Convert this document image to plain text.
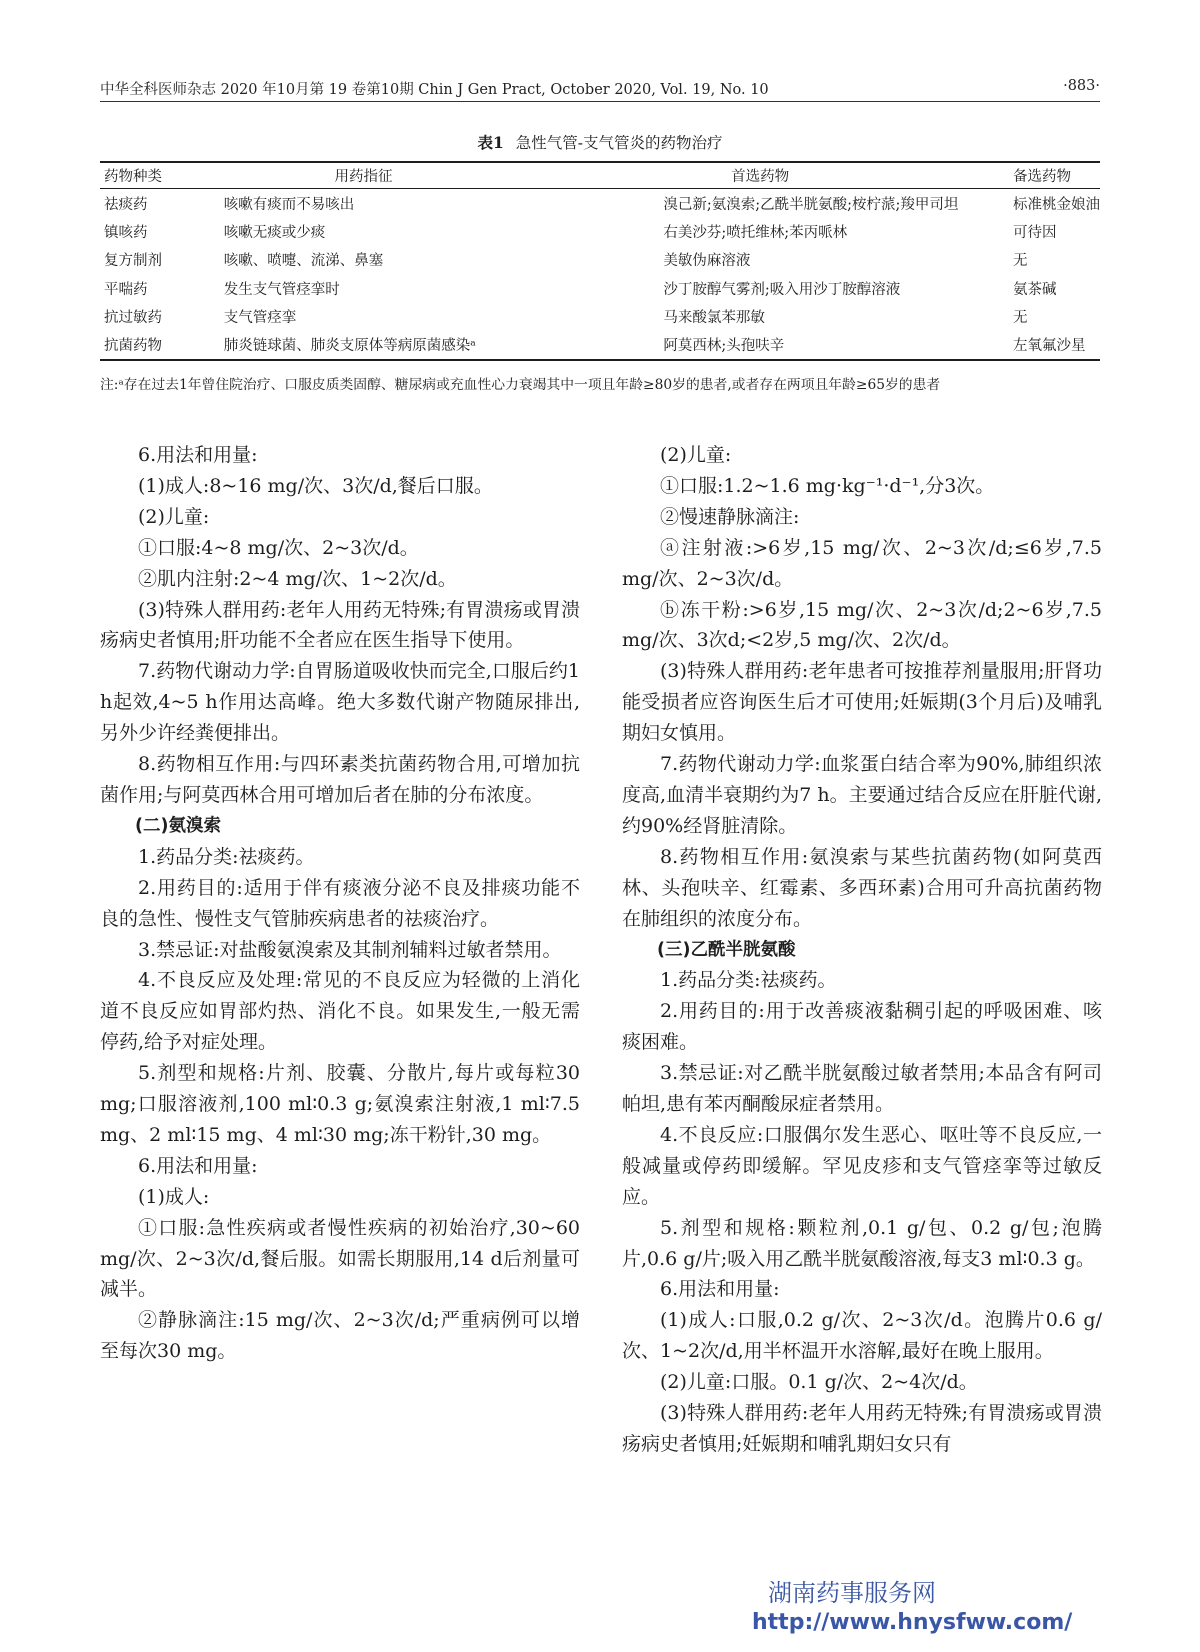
中华全科医师杂志 2020 年10月第 19 卷第10期 Chin J Gen Pract, October 2020, Vol. 19, No. 10	·883·
表1 急性气管-支气管炎的药物治疗
药物种类	用药指征	首选药物	备选药物
祛痰药	咳嗽有痰而不易咳出	溴己新;氨溴索;乙酰半胱氨酸;桉柠蒎;羧甲司坦	标准桃金娘油
镇咳药	咳嗽无痰或少痰	右美沙芬;喷托维林;苯丙哌林	可待因
复方制剂	咳嗽、喷嚏、流涕、鼻塞	美敏伪麻溶液	无
平喘药	发生支气管痉挛时	沙丁胺醇气雾剂;吸入用沙丁胺醇溶液	氨茶碱
抗过敏药	支气管痉挛	马来酸氯苯那敏	无
抗菌药物	肺炎链球菌、肺炎支原体等病原菌感染ᵃ	阿莫西林;头孢呋辛	左氧氟沙星
注:ᵃ存在过去1年曾住院治疗、口服皮质类固醇、糖尿病或充血性心力衰竭其中一项且年龄≥80岁的患者,或者存在两项且年龄≥65岁的患者

6.用法和用量:

(1)成人:8~16 mg/次、3次/d,餐后口服。

(2)儿童:

①口服:4~8 mg/次、2~3次/d。

②肌内注射:2~4 mg/次、1~2次/d。

(3)特殊人群用药:老年人用药无特殊;有胃溃疡或胃溃疡病史者慎用;肝功能不全者应在医生指导下使用。

7.药物代谢动力学:自胃肠道吸收快而完全,口服后约1 h起效,4~5 h作用达高峰。绝大多数代谢产物随尿排出,另外少许经粪便排出。

8.药物相互作用:与四环素类抗菌药物合用,可增加抗菌作用;与阿莫西林合用可增加后者在肺的分布浓度。

(二)氨溴索

1.药品分类:祛痰药。

2.用药目的:适用于伴有痰液分泌不良及排痰功能不良的急性、慢性支气管肺疾病患者的祛痰治疗。

3.禁忌证:对盐酸氨溴索及其制剂辅料过敏者禁用。

4.不良反应及处理:常见的不良反应为轻微的上消化道不良反应如胃部灼热、消化不良。如果发生,一般无需停药,给予对症处理。

5.剂型和规格:片剂、胶囊、分散片,每片或每粒30 mg;口服溶液剂,100 ml∶0.3 g;氨溴索注射液,1 ml∶7.5 mg、2 ml∶15 mg、4 ml∶30 mg;冻干粉针,30 mg。

6.用法和用量:

(1)成人:

①口服:急性疾病或者慢性疾病的初始治疗,30~60 mg/次、2~3次/d,餐后服。如需长期服用,14 d后剂量可减半。

②静脉滴注:15 mg/次、2~3次/d;严重病例可以增至每次30 mg。

(2)儿童:

①口服:1.2~1.6 mg·kg⁻¹·d⁻¹,分3次。

②慢速静脉滴注:

ⓐ注射液:>6岁,15 mg/次、2~3次/d;≤6岁,7.5 mg/次、2~3次/d。

ⓑ冻干粉:>6岁,15 mg/次、2~3次/d;2~6岁,7.5 mg/次、3次d;<2岁,5 mg/次、2次/d。

(3)特殊人群用药:老年患者可按推荐剂量服用;肝肾功能受损者应咨询医生后才可使用;妊娠期(3个月后)及哺乳期妇女慎用。

7.药物代谢动力学:血浆蛋白结合率为90%,肺组织浓度高,血清半衰期约为7 h。主要通过结合反应在肝脏代谢,约90%经肾脏清除。

8.药物相互作用:氨溴索与某些抗菌药物(如阿莫西林、头孢呋辛、红霉素、多西环素)合用可升高抗菌药物在肺组织的浓度分布。

(三)乙酰半胱氨酸

1.药品分类:祛痰药。

2.用药目的:用于改善痰液黏稠引起的呼吸困难、咳痰困难。

3.禁忌证:对乙酰半胱氨酸过敏者禁用;本品含有阿司帕坦,患有苯丙酮酸尿症者禁用。

4.不良反应:口服偶尔发生恶心、呕吐等不良反应,一般减量或停药即缓解。罕见皮疹和支气管痉挛等过敏反应。

5.剂型和规格:颗粒剂,0.1 g/包、0.2 g/包;泡腾片,0.6 g/片;吸入用乙酰半胱氨酸溶液,每支3 ml∶0.3 g。

6.用法和用量:

(1)成人:口服,0.2 g/次、2~3次/d。泡腾片0.6 g/次、1~2次/d,用半杯温开水溶解,最好在晚上服用。

(2)儿童:口服。0.1 g/次、2~4次/d。

(3)特殊人群用药:老年人用药无特殊;有胃溃疡或胃溃疡病史者慎用;妊娠期和哺乳期妇女只有

湖南药事服务网
http://www.hnysfww.com/
